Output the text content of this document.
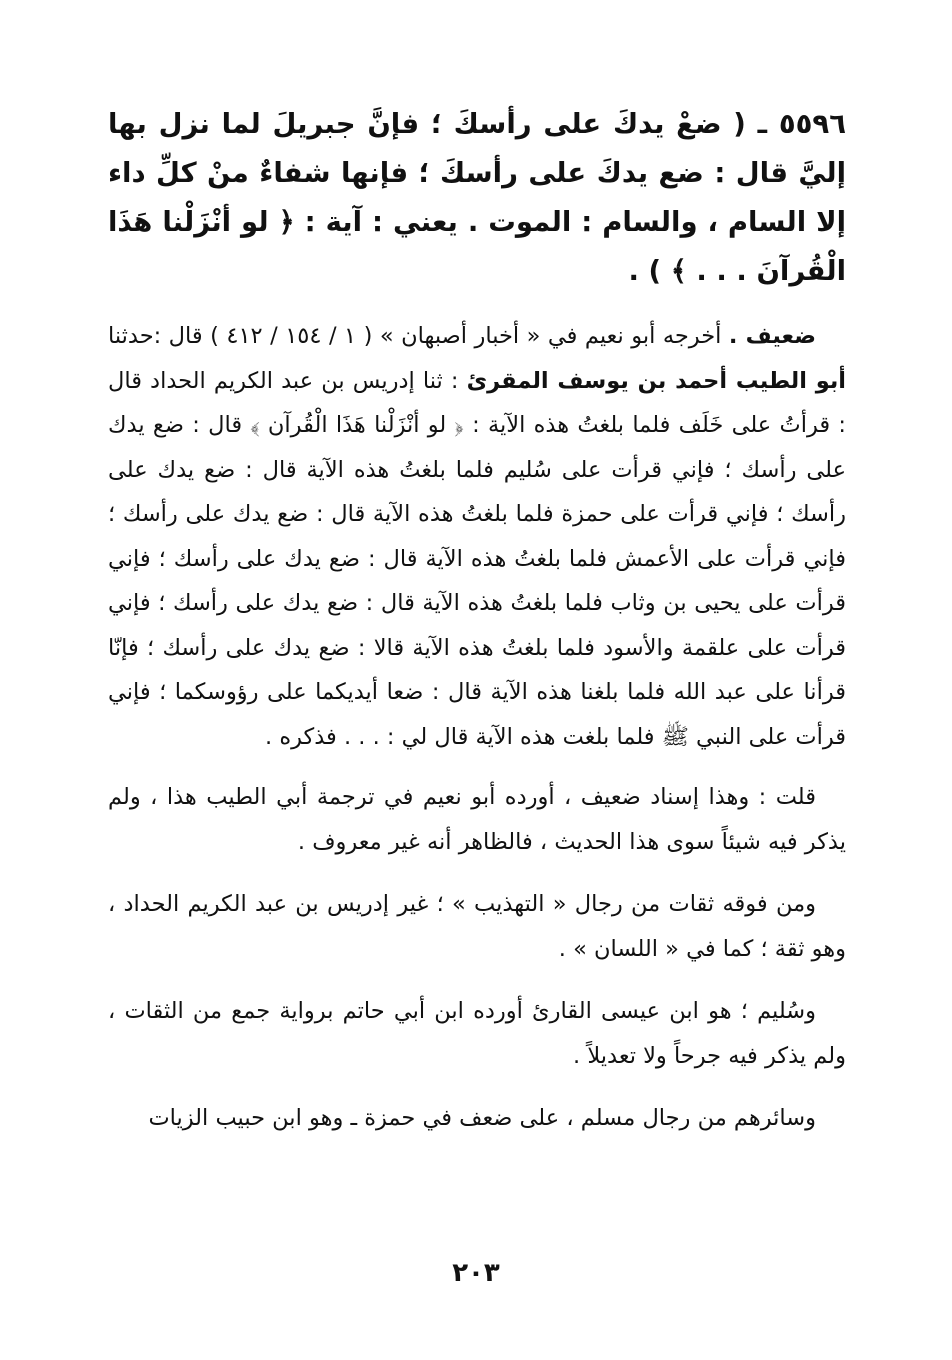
٥٥٩٦ ـ ( ضعْ يدكَ على رأسكَ ؛ فإنَّ جبريلَ لما نزل بها إليَّ قال : ضع يدكَ على رأسكَ ؛ فإنها شفاءٌ منْ كلِّ داء إلا السام ، والسام : الموت . يعني : آية : ﴿ لو أنْزَلْنا هَذَا الْقُرآنَ . . . ﴾ ) .

ضعيف . أخرجه أبو نعيم في « أخبار أصبهان » ( ١ / ١٥٤ / ٤١٢ ) قال :حدثنا أبو الطيب أحمد بن يوسف المقرئ : ثنا إدريس بن عبد الكريم الحداد قال : قرأتُ على خَلَف فلما بلغتُ هذه الآية : ﴿ لو أنْزَلْنا هَذَا الْقُرآن ﴾ قال : ضع يدك على رأسك ؛ فإني قرأت على سُليم فلما بلغتُ هذه الآية قال : ضع يدك على رأسك ؛ فإني قرأت على حمزة فلما بلغتُ هذه الآية قال : ضع يدك على رأسك ؛ فإني قرأت على الأعمش فلما بلغتُ هذه الآية قال : ضع يدك على رأسك ؛ فإني قرأت على يحيى بن وثاب فلما بلغتُ هذه الآية قال : ضع يدك على رأسك ؛ فإني قرأت على علقمة والأسود فلما بلغتُ هذه الآية قالا : ضع يدك على رأسك ؛ فإنّا قرأنا على عبد الله فلما بلغنا هذه الآية قال : ضعا أيديكما على رؤوسكما ؛ فإني قرأت على النبي ﷺ فلما بلغت هذه الآية قال لي : . . . فذكره .

قلت : وهذا إسناد ضعيف ، أورده أبو نعيم في ترجمة أبي الطيب هذا ، ولم يذكر فيه شيئاً سوى هذا الحديث ، فالظاهر أنه غير معروف .

ومن فوقه ثقات من رجال « التهذيب » ؛ غير إدريس بن عبد الكريم الحداد ، وهو ثقة ؛ كما في « اللسان » .

وسُليم ؛ هو ابن عيسى القارئ أورده ابن أبي حاتم برواية جمع من الثقات ، ولم يذكر فيه جرحاً ولا تعديلاً .

وسائرهم من رجال مسلم ، على ضعف في حمزة ـ وهو ابن حبيب الزيات

٢٠٣
